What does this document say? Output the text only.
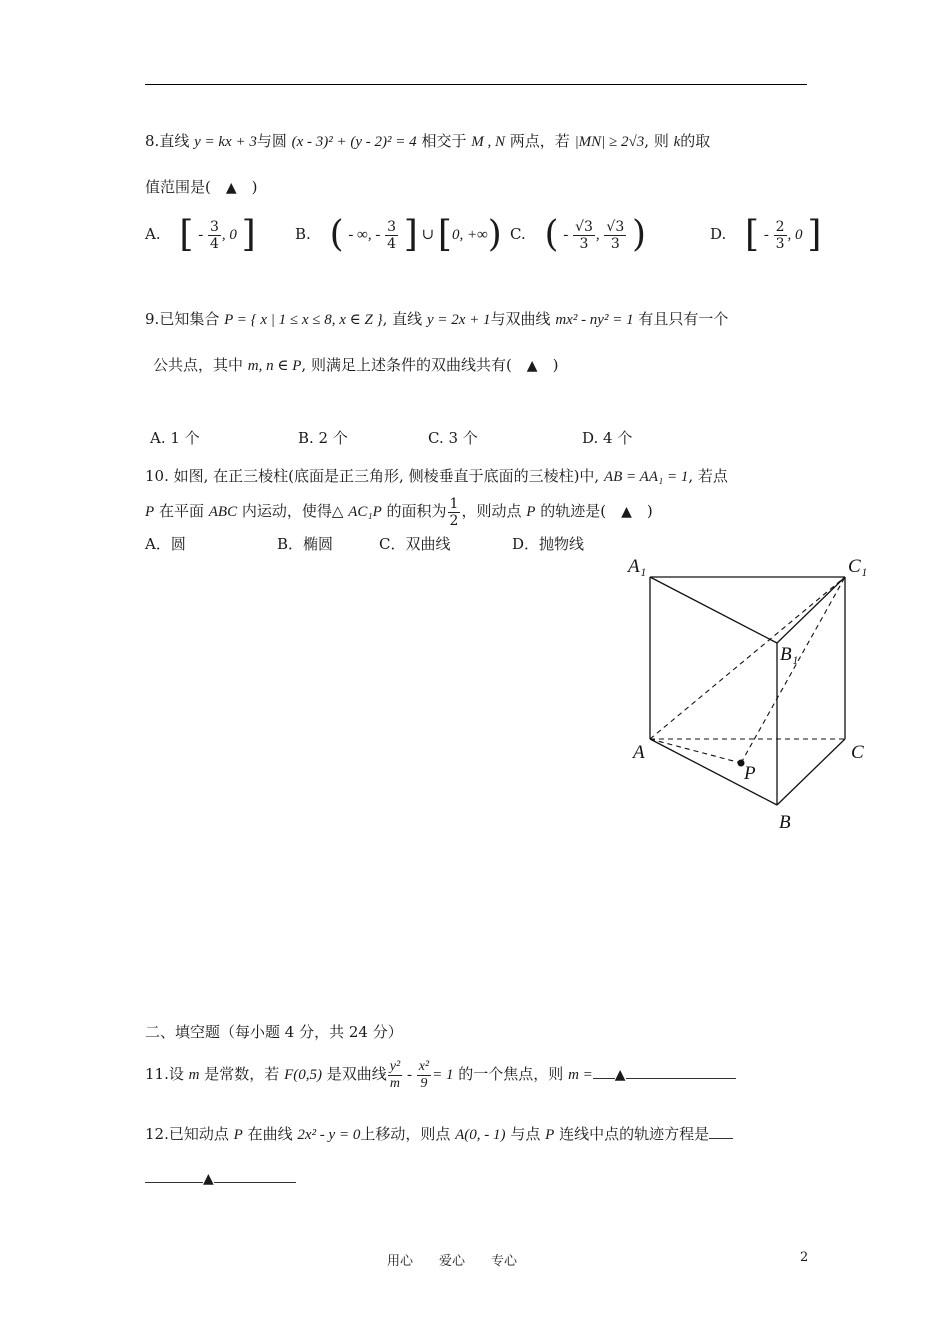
8.直线 y = kx + 3与圆 (x - 3)² + (y - 2)² = 4 相交于 M , N 两点，若 |MN| ≥ 2√3, 则 k的取
值范围是(　▲　)
A. [ - $\frac{3}{4}$ , 0 ]	B. ( - ∞, - $\frac{3}{4}$ ] ∪ [0, +∞) C. ( - $\frac{√3}{3}$ , $\frac{√3}{3}$ )	D. [ - $\frac{2}{3}$ , 0 ]
9.已知集合 P = { x | 1 ≤ x ≤ 8, x ∈ Z }, 直线 y = 2x + 1与双曲线 mx² - ny² = 1 有且只有一个
公共点，其中 m, n ∈ P, 则满足上述条件的双曲线共有(　▲　)
A. 1 个	B. 2 个	C. 3 个	D. 4 个
10. 如图, 在正三棱柱(底面是正三角形, 侧棱垂直于底面的三棱柱)中, AB = AA₁ = 1, 若点
P 在平面 ABC 内运动，使得△ AC₁P 的面积为 $\frac{1}{2}$ ，则动点 P 的轨迹是(　▲　)
A．圆	B．椭圆	C．双曲线	D．抛物线
A₁	C₁
B₁
A	C
P
B
二、填空题（每小题 4 分，共 24 分）
11.设 m 是常数，若 F(0,5) 是双曲线 $\frac{\text{y²}}{m} - \frac{\text{x²}}{9} = 1$ 的一个焦点，则 m = ▲
12.已知动点 P 在曲线 2x² - y = 0上移动，则点 A(0, - 1) 与点 P 连线中点的轨迹方程是
▲
用心　　爱心　　专心	2
